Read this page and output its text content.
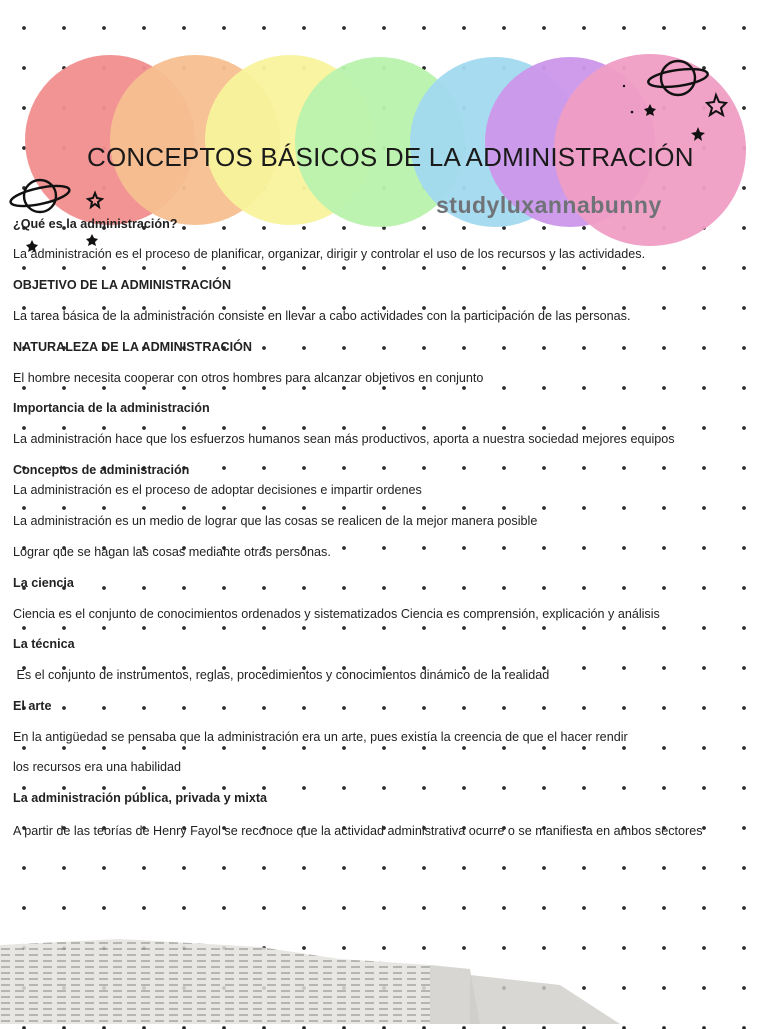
CONCEPTOS BÁSICOS DE LA ADMINISTRACIÓN
studyluxannabunny
¿Qué es la administración?
La administración es el proceso de planificar, organizar, dirigir y controlar el uso de los recursos y las actividades.
OBJETIVO DE LA ADMINISTRACIÓN
La tarea básica de la administración consiste en llevar a cabo actividades con la participación de las personas.
NATURALEZA DE LA ADMINISTRACIÓN
El hombre necesita cooperar con otros hombres para alcanzar objetivos en conjunto
Importancia de la administración
La administración hace que los esfuerzos humanos sean más productivos, aporta a nuestra sociedad mejores equipos
Conceptos de administración
La administración es el proceso de adoptar decisiones e impartir ordenes
La administración es un medio de lograr que las cosas se realicen de la mejor manera posible
Lograr que se hagan las cosas mediante otras personas.
La ciencia
Ciencia es el conjunto de conocimientos ordenados y sistematizados Ciencia es comprensión, explicación y análisis
La técnica
Es el conjunto de instrumentos, reglas, procedimientos y conocimientos dinámico de la realidad
El arte
En la antigüedad se pensaba que la administración era un arte, pues existía la creencia de que el hacer rendir
los recursos era una habilidad
La administración pública, privada y mixta
A partir de las teorías de Henry Fayol se reconoce que la actividad administrativa ocurre o se manifiesta en ambos sectores
